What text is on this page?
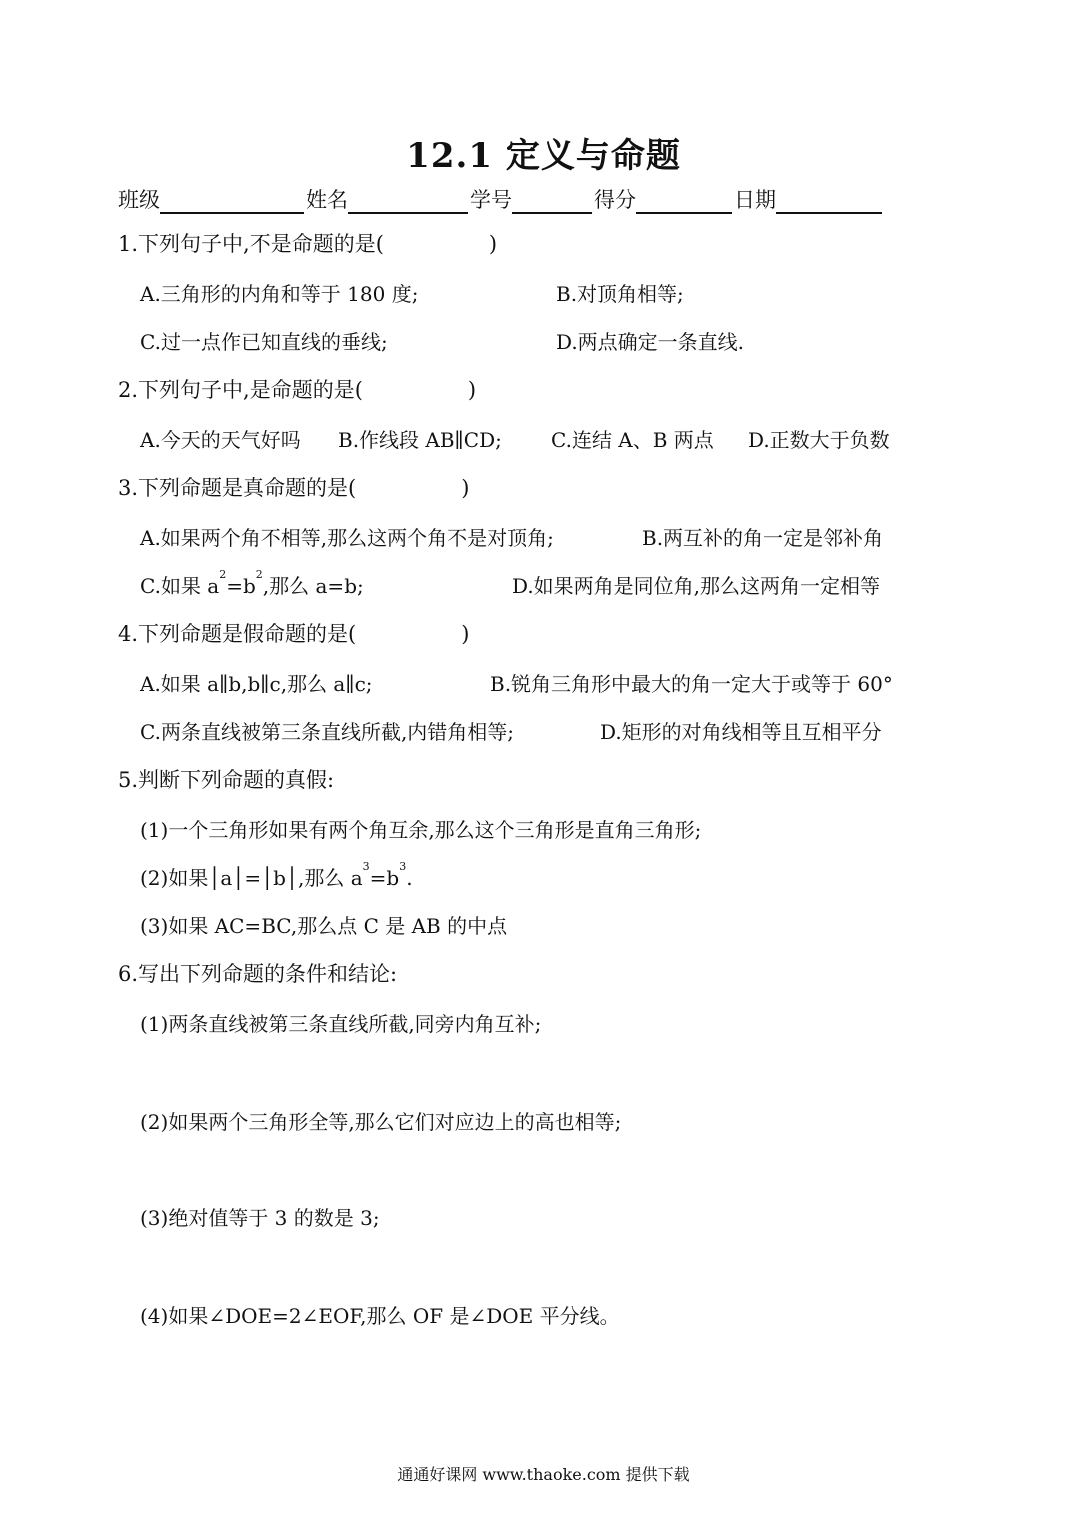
12.1 定义与命题
班级	姓名	学号	得分	日期
1.下列句子中,不是命题的是(　　　　　)
A.三角形的内角和等于 180 度;	B.对顶角相等;
C.过一点作已知直线的垂线;	D.两点确定一条直线.
2.下列句子中,是命题的是(　　　　　)
A.今天的天气好吗 B.作线段 AB∥CD; C.连结 A、B 两点 D.正数大于负数
3.下列命题是真命题的是(　　　　　)
A.如果两个角不相等,那么这两个角不是对顶角;	B.两互补的角一定是邻补角
C.如果 $a^2=b^2$,那么 a=b;	D.如果两角是同位角,那么这两角一定相等
4.下列命题是假命题的是(　　　　　)
A.如果 a∥b,b∥c,那么 a∥c;	B.锐角三角形中最大的角一定大于或等于 60°
C.两条直线被第三条直线所截,内错角相等;	D.矩形的对角线相等且互相平分
5.判断下列命题的真假:
(1)一个三角形如果有两个角互余,那么这个三角形是直角三角形;
(2)如果│a│=│b│,那么 $a^3=b^3$.
(3)如果 AC=BC,那么点 C 是 AB 的中点
6.写出下列命题的条件和结论:
(1)两条直线被第三条直线所截,同旁内角互补;
(2)如果两个三角形全等,那么它们对应边上的高也相等;
(3)绝对值等于 3 的数是 3;
(4)如果∠DOE=2∠EOF,那么 OF 是∠DOE 平分线。
通通好课网 www.thaoke.com 提供下载
